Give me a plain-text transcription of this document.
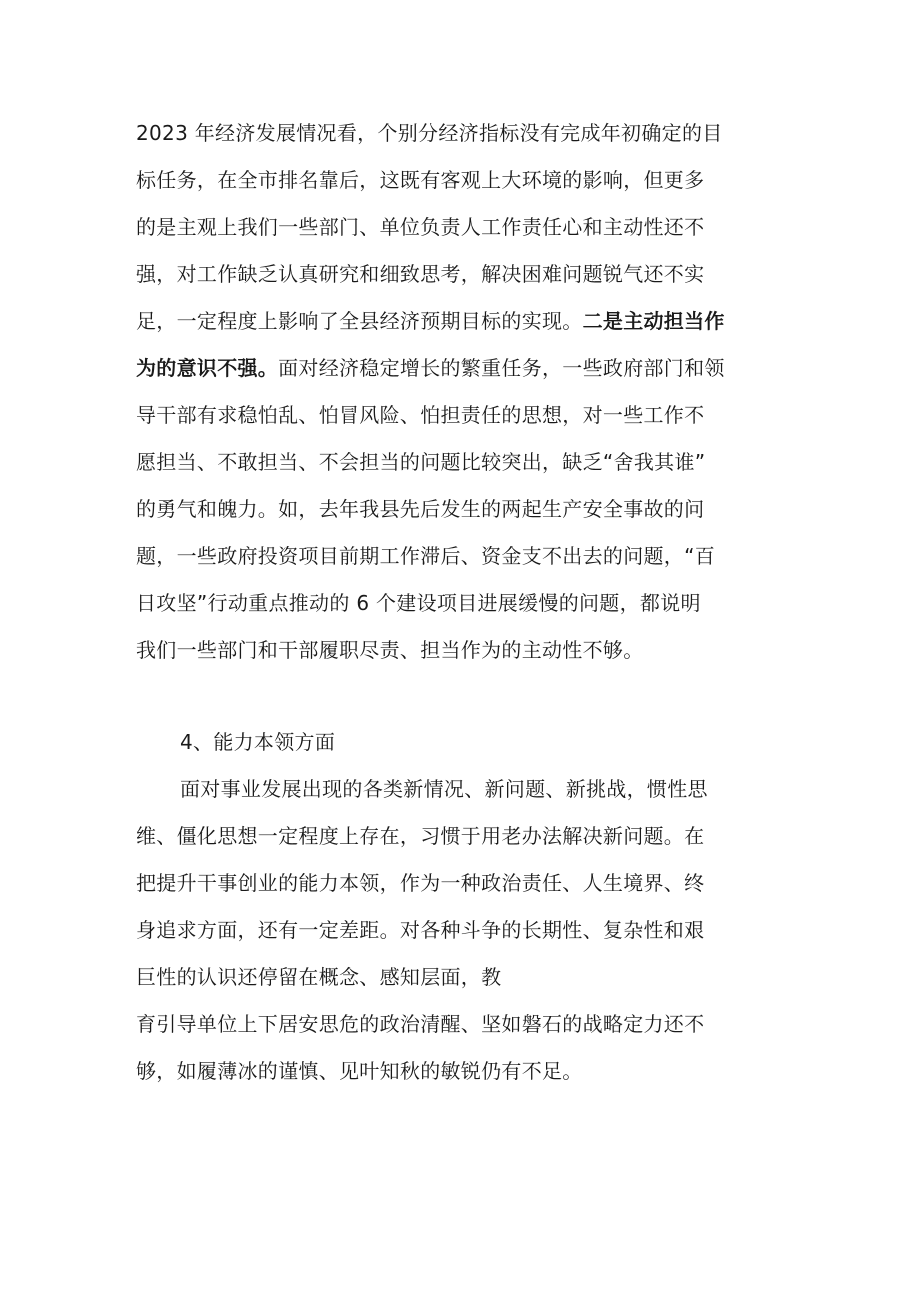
2023 年经济发展情况看，个别分经济指标没有完成年初确定的目
标任务，在全市排名靠后，这既有客观上大环境的影响，但更多
的是主观上我们一些部门、单位负责人工作责任心和主动性还不
强，对工作缺乏认真研究和细致思考，解决困难问题锐气还不实
足，一定程度上影响了全县经济预期目标的实现。二是主动担当作
为的意识不强。面对经济稳定增长的繁重任务，一些政府部门和领
导干部有求稳怕乱、怕冒风险、怕担责任的思想，对一些工作不
愿担当、不敢担当、不会担当的问题比较突出，缺乏“舍我其谁”
的勇气和魄力。如，去年我县先后发生的两起生产安全事故的问
题，一些政府投资项目前期工作滞后、资金支不出去的问题，“百
日攻坚”行动重点推动的 6 个建设项目进展缓慢的问题，都说明
我们一些部门和干部履职尽责、担当作为的主动性不够。
4、能力本领方面
面对事业发展出现的各类新情况、新问题、新挑战，惯性思
维、僵化思想一定程度上存在，习惯于用老办法解决新问题。在
把提升干事创业的能力本领，作为一种政治责任、人生境界、终
身追求方面，还有一定差距。对各种斗争的长期性、复杂性和艰
巨性的认识还停留在概念、感知层面，教
育引导单位上下居安思危的政治清醒、坚如磐石的战略定力还不
够，如履薄冰的谨慎、见叶知秋的敏锐仍有不足。
